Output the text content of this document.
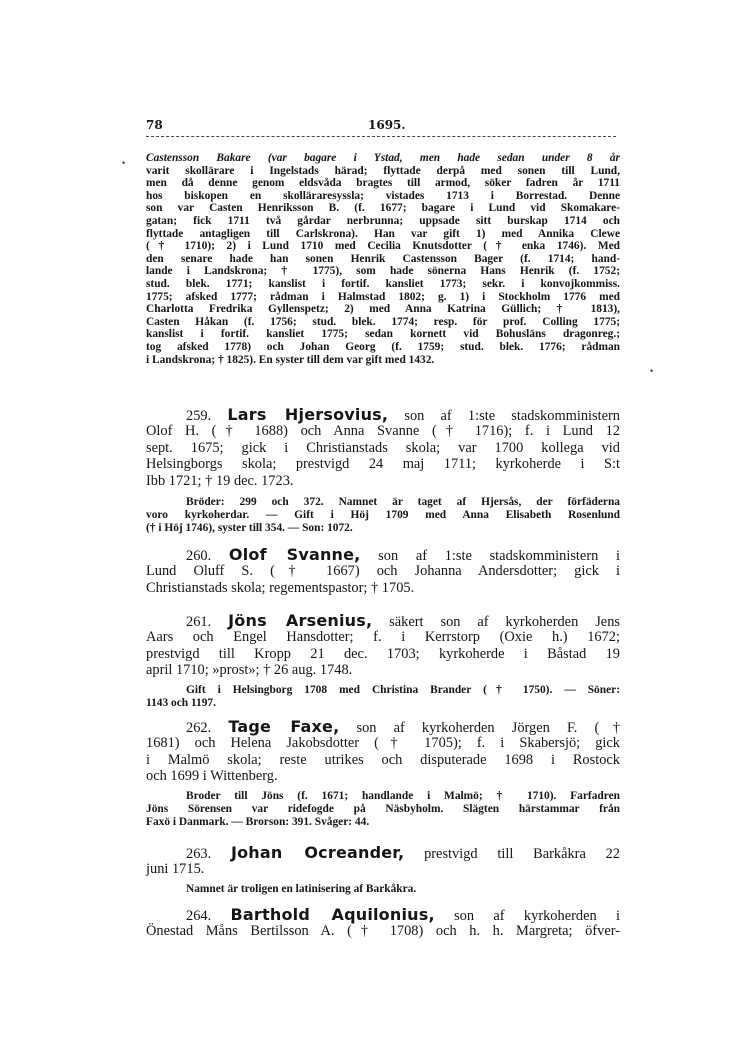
78	1695.
•
•
Castensson Bakare (var bagare i Ystad, men hade sedan under 8 år
varit skollärare i Ingelstads härad; flyttade derpå med sonen till Lund,
men då denne genom eldsvåda bragtes till armod, söker fadren år 1711
hos biskopen en skollärаresyssla; vistades 1713 i Borrestad. Denne
son var Casten Henriksson B. (f. 1677; bagare i Lund vid Skomakare-
gatan; fick 1711 två gårdar nerbrunna; uppsade sitt burskap 1714 och
flyttade antagligen till Carlskrona). Han var gift 1) med Annika Clewe
(† 1710); 2) i Lund 1710 med Cecilia Knutsdotter († enka 1746). Med
den senare hade han sonen Henrik Castensson Bager (f. 1714; hand-
lande i Landskrona; † 1775), som hade sönerna Hans Henrik (f. 1752;
stud. blek. 1771; kanslist i fortif. kansliet 1773; sekr. i konvojkommiss.
1775; afsked 1777; rådman i Halmstad 1802; g. 1) i Stockholm 1776 med
Charlotta Fredrika Gyllenspetz; 2) med Anna Katrina Güllich; † 1813),
Casten Håkan (f. 1756; stud. blek. 1774; resp. för prof. Colling 1775;
kanslist i fortif. kansliet 1775; sedan kornett vid Bohusläns dragonreg.;
tog afsked 1778) och Johan Georg (f. 1759; stud. blek. 1776; rådman
i Landskrona; † 1825). En syster till dem var gift med 1432.
259. Lars Hjersovius, son af 1:ste stadskomministern
Olof H. († 1688) och Anna Svanne († 1716); f. i Lund 12
sept. 1675; gick i Christianstads skola; var 1700 kollega vid
Helsingborgs skola; prestvigd 24 maj 1711; kyrkoherde i S:t
Ibb 1721; † 19 dec. 1723.
Bröder: 299 och 372. Namnet är taget af Hjersås, der förfäderna
voro kyrkoherdar. — Gift i Höj 1709 med Anna Elisabeth Rosenlund
(† i Höj 1746), syster till 354. — Son: 1072.
260. Olof Svanne, son af 1:ste stadskomministern i
Lund Oluff S. († 1667) och Johanna Andersdotter; gick i
Christianstads skola; regementspastor; † 1705.
261. Jöns Arsenius, säkert son af kyrkoherden Jens
Aars och Engel Hansdotter; f. i Kerrstorp (Oxie h.) 1672;
prestvigd till Kropp 21 dec. 1703; kyrkoherde i Båstad 19
april 1710; »prost»; † 26 aug. 1748.
Gift i Helsingborg 1708 med Christina Brander († 1750). — Söner:
1143 och 1197.
262. Tage Faxe, son af kyrkoherden Jörgen F. (†
1681) och Helena Jakobsdotter († 1705); f. i Skabersjö; gick
i Malmö skola; reste utrikes och disputerade 1698 i Rostock
och 1699 i Wittenberg.
Broder till Jöns (f. 1671; handlande i Malmö; † 1710). Farfadren
Jöns Sörensen var ridefogde på Näsbyholm. Slägten härstammar från
Faxö i Danmark. — Brorson: 391. Svåger: 44.
263. Johan Ocreander, prestvigd till Barkåkra 22
juni 1715.
Namnet är troligen en latinisering af Barkåkra.
264. Barthold Aquilonius, son af kyrkoherden i
Önestad Måns Bertilsson A. († 1708) och h. h. Margreta; öfver-
